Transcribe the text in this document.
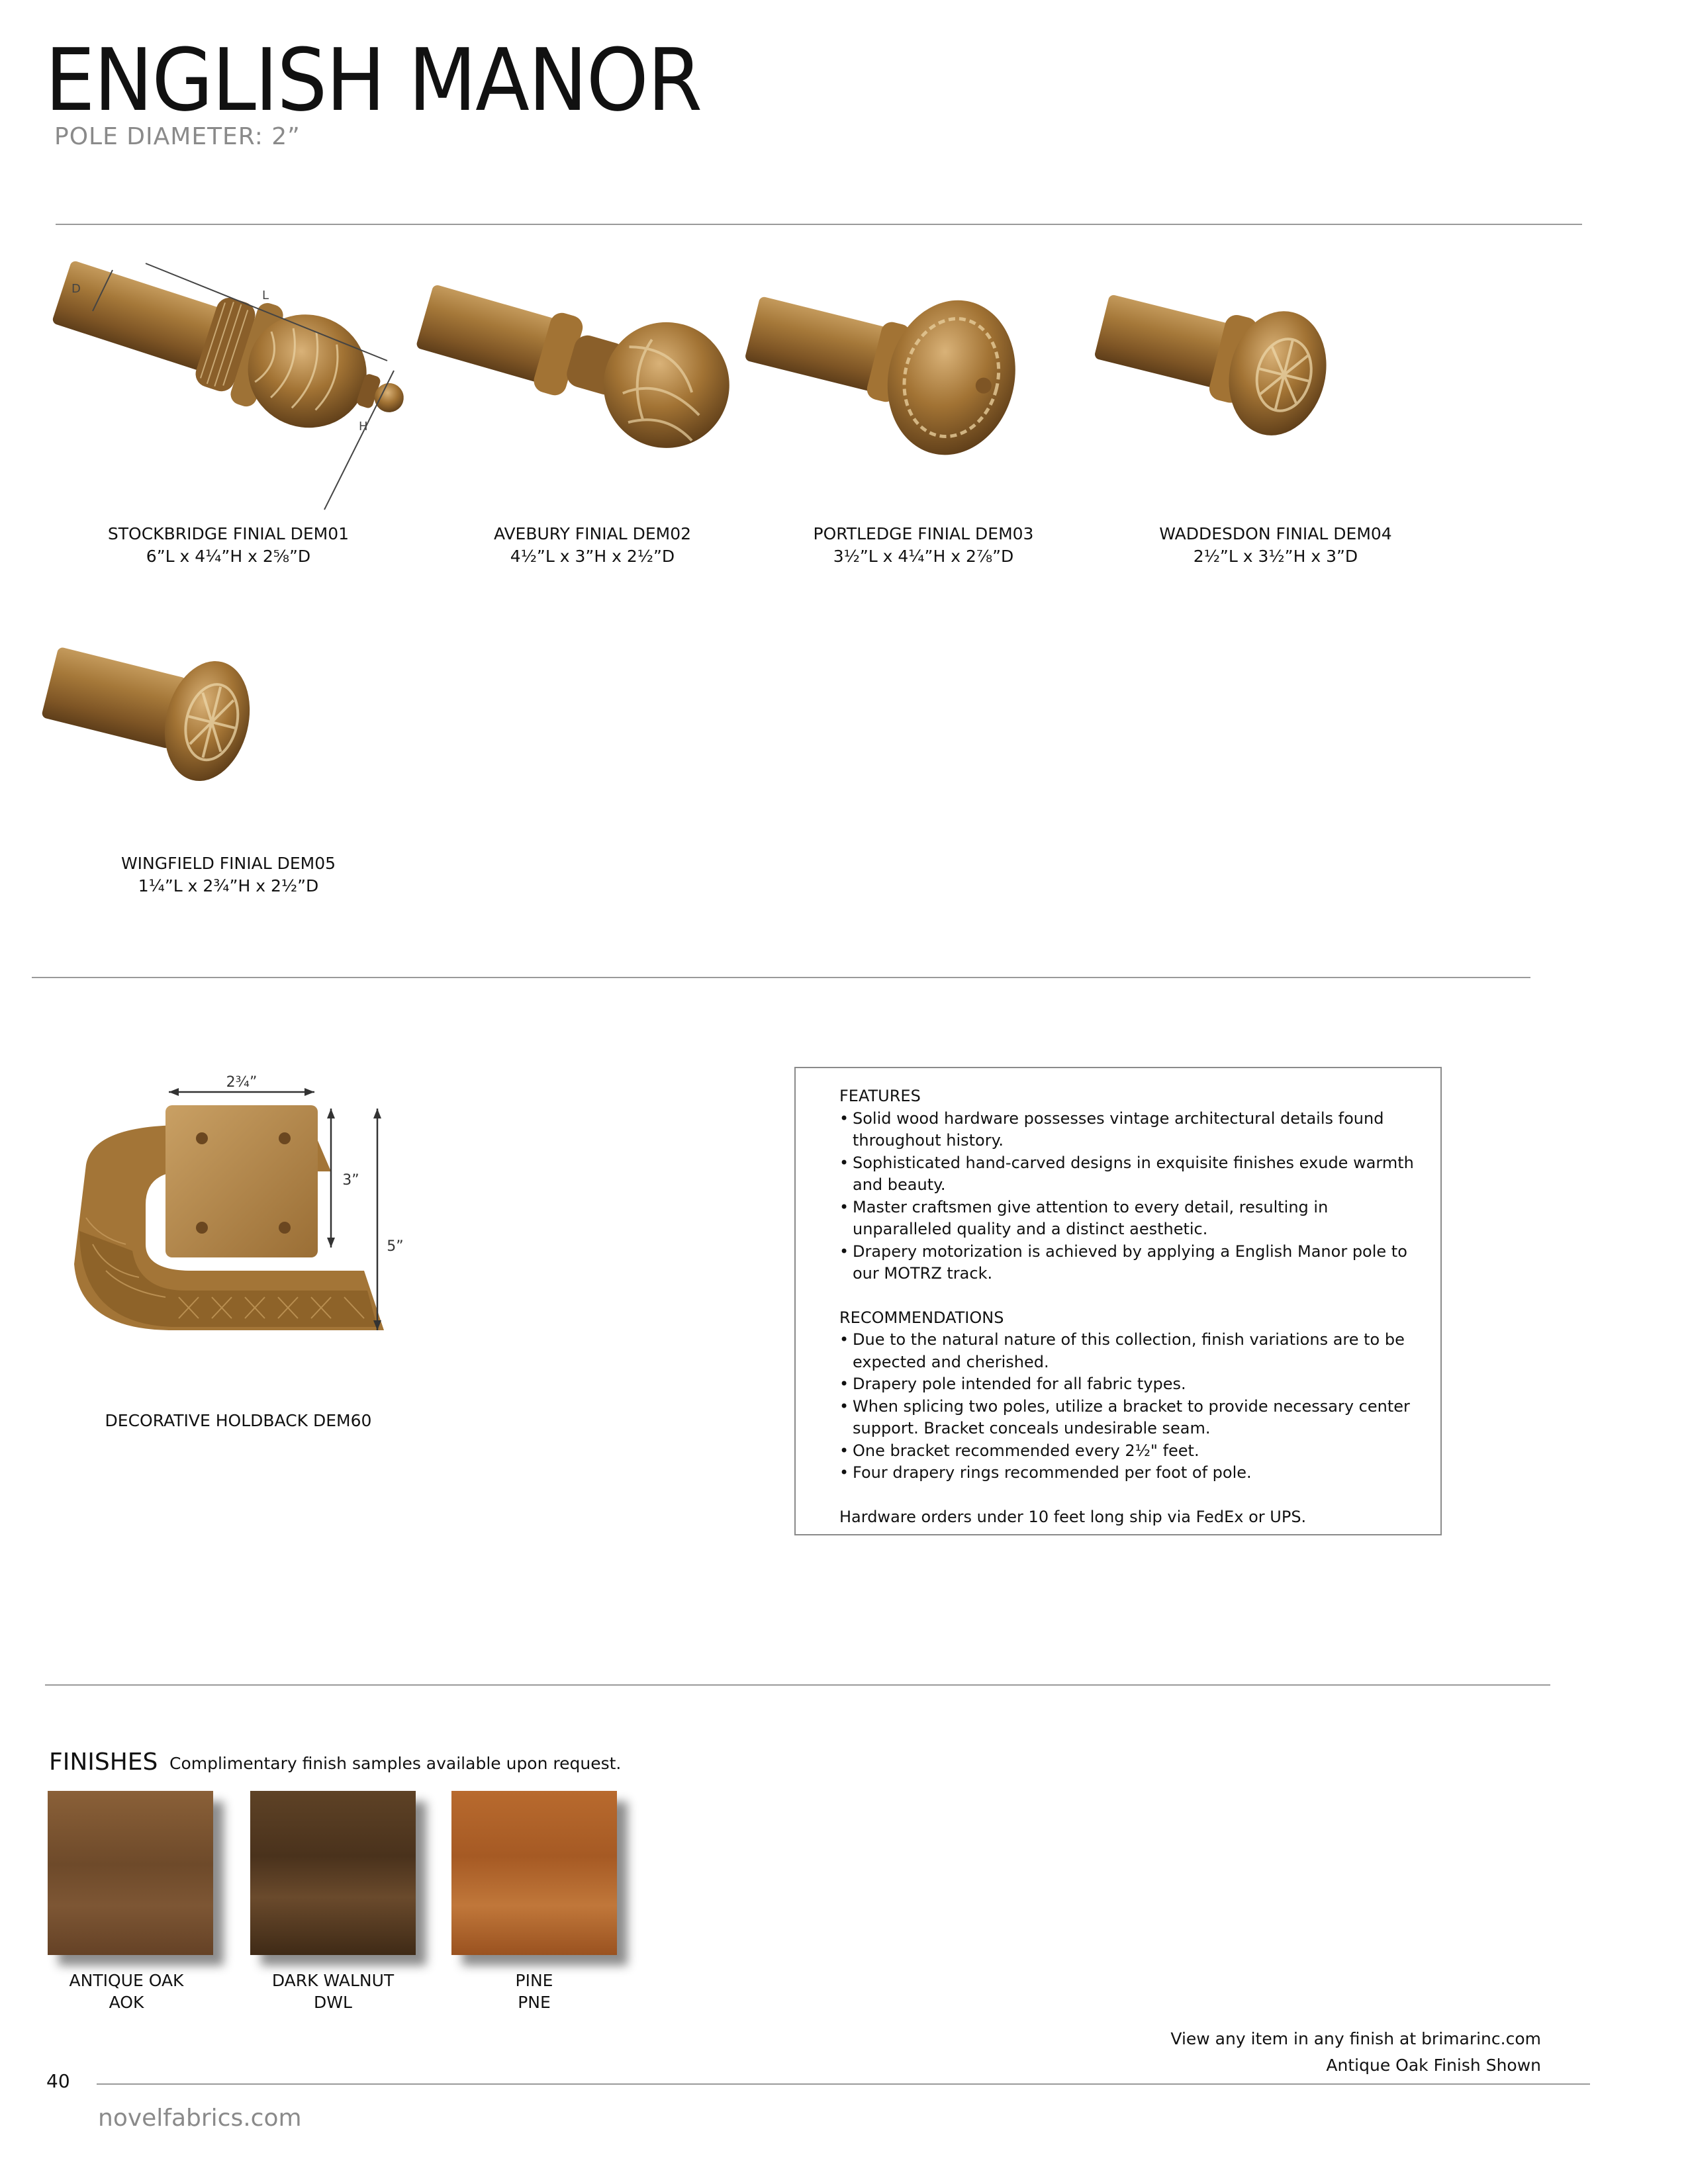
ENGLISH MANOR
POLE DIAMETER: 2”
D	L
H
STOCKBRIDGE FINIAL DEM01
6”L x 4¼”H x 2⅝”D
AVEBURY FINIAL DEM02
4½”L x 3”H x 2½”D
PORTLEDGE FINIAL DEM03
3½”L x 4¼”H x 2⅞”D
WADDESDON FINIAL DEM04
2½”L x 3½”H x 3”D
WINGFIELD FINIAL DEM05
1¼”L x 2¾”H x 2½”D
2¾”
3”
5”
DECORATIVE HOLDBACK DEM60
FEATURES
• Solid wood hardware possesses vintage architectural details found throughout history.
• Sophisticated hand-carved designs in exquisite finishes exude warmth and beauty.
• Master craftsmen give attention to every detail, resulting in unparalleled quality and a distinct aesthetic.
• Drapery motorization is achieved by applying a English Manor pole to our MOTRZ track.
RECOMMENDATIONS
• Due to the natural nature of this collection, finish variations are to be expected and cherished.
• Drapery pole intended for all fabric types.
• When splicing two poles, utilize a bracket to provide necessary center support. Bracket conceals undesirable seam.
• One bracket recommended every 2½" feet.
• Four drapery rings recommended per foot of pole.
Hardware orders under 10 feet long ship via FedEx or UPS.
FINISHES Complimentary finish samples available upon request.
ANTIQUE OAK
AOK
DARK WALNUT
DWL
PINE
PNE
View any item in any finish at brimarinc.com
Antique Oak Finish Shown
40
novelfabrics.com
